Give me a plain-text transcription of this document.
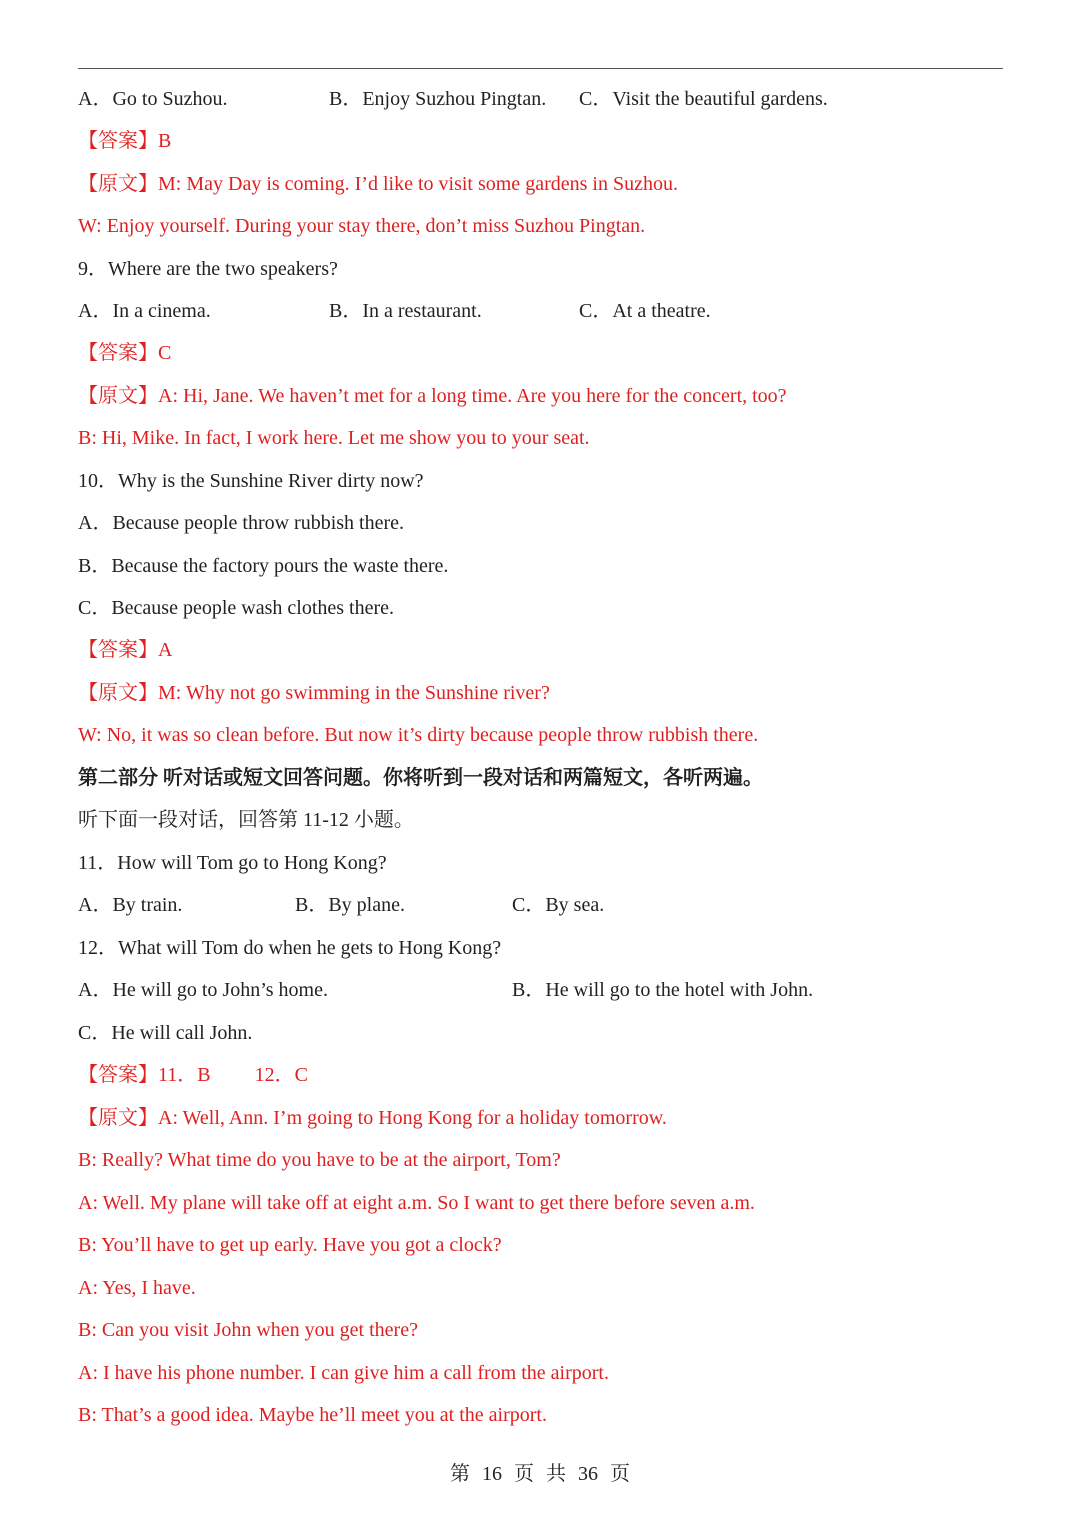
A．Go to Suzhou.	B．Enjoy Suzhou Pingtan. C．Visit the beautiful gardens.
【答案】B
【原文】M: May Day is coming. I’d like to visit some gardens in Suzhou.
W: Enjoy yourself. During your stay there, don’t miss Suzhou Pingtan.
9．Where are the two speakers?
A．In a cinema.	B．In a restaurant.	C．At a theatre.
【答案】C
【原文】A: Hi, Jane. We haven’t met for a long time. Are you here for the concert, too?
B: Hi, Mike. In fact, I work here. Let me show you to your seat.
10．Why is the Sunshine River dirty now?
A．Because people throw rubbish there.
B．Because the factory pours the waste there.
C．Because people wash clothes there.
【答案】A
【原文】M: Why not go swimming in the Sunshine river?
W: No, it was so clean before. But now it’s dirty because people throw rubbish there.
第二部分 听对话或短文回答问题。你将听到一段对话和两篇短文，各听两遍。
听下面一段对话，回答第 11-12 小题。
11．How will Tom go to Hong Kong?
A．By train.	B．By plane.	C．By sea.
12．What will Tom do when he gets to Hong Kong?
A．He will go to John’s home.	B．He will go to the hotel with John.
C．He will call John.
【答案】11．B 12．C
【原文】A: Well, Ann. I’m going to Hong Kong for a holiday tomorrow.
B: Really? What time do you have to be at the airport, Tom?
A: Well. My plane will take off at eight a.m. So I want to get there before seven a.m.
B: You’ll have to get up early. Have you got a clock?
A: Yes, I have.
B: Can you visit John when you get there?
A: I have his phone number. I can give him a call from the airport.
B: That’s a good idea. Maybe he’ll meet you at the airport.
第 16 页 共 36 页
